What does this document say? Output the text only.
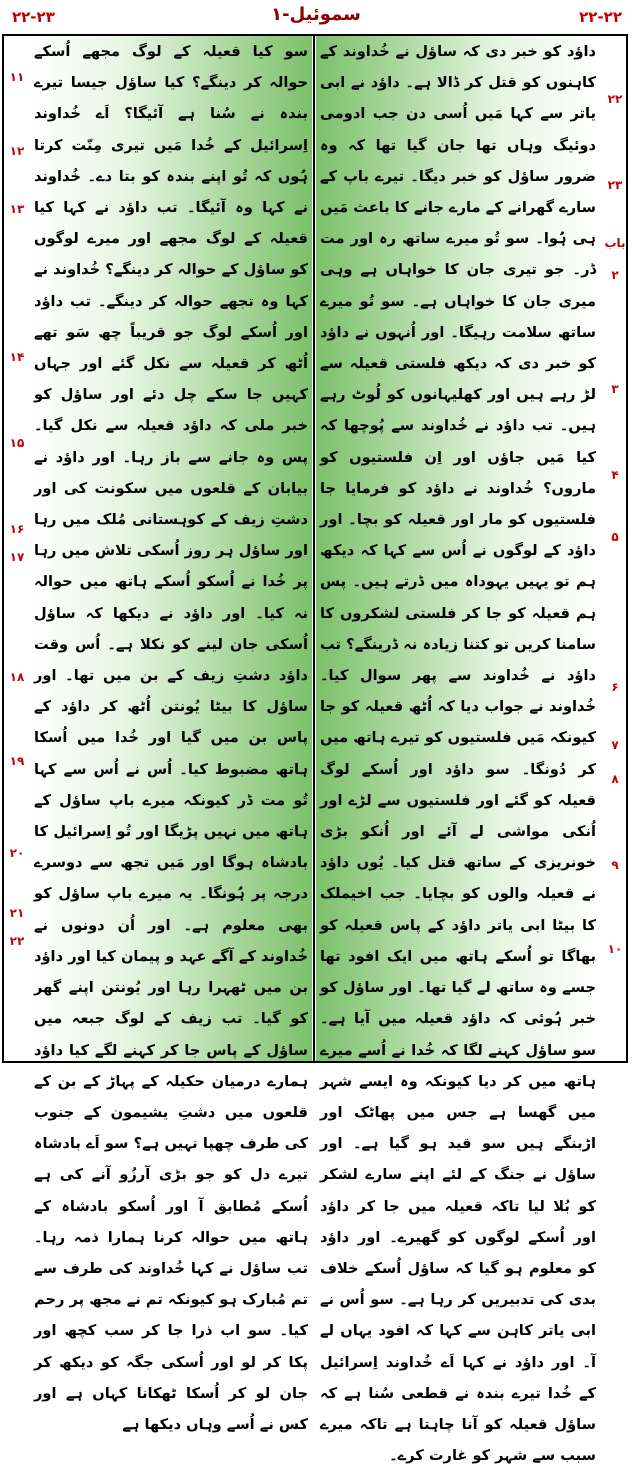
۲۲-۲۳	۱-سموئیل	۲۲-۲۲
۱۱
۱۲
۱۳
۱۴
۱۵
۱۶
۱۷
۱۸
۱۹
۲۰
۲۱
۲۲

سو کیا قعیلہ کے لوگ مجھے اُسکے حوالہ کر دینگے؟ کیا ساؤل جیسا تیرے بندہ نے سُنا ہے آئیگا؟ اَے خُداوند اِسرائیل کے خُدا مَیں تیری مِنّت کرتا ہُوں کہ تُو اپنے بندہ کو بتا دے۔ خُداوند نے کہا وہ آئیگا۔ تب داؤد نے کہا کیا قعیلہ کے لوگ مجھے اور میرے لوگوں کو ساؤل کے حوالہ کر دینگے؟ خُداوند نے کہا وہ تجھے حوالہ کر دینگے۔ تب داؤد اور اُسکے لوگ جو قریباً چھ سَو تھے اُٹھ کر قعیلہ سے نکل گئے اور جہاں کہیں جا سکے چل دئے اور ساؤل کو خبر ملی کہ داؤد قعیلہ سے نکل گیا۔ پس وہ جانے سے باز رہا۔ اور داؤد نے بیابان کے قلعوں میں سکونت کی اور دشتِ زیف کے کوہستانی مُلک میں رہا اور ساؤل ہر روز اُسکی تلاش میں رہا پر خُدا نے اُسکو اُسکے ہاتھ میں حوالہ نہ کیا۔ اور داؤد نے دیکھا کہ ساؤل اُسکی جان لینے کو نکلا ہے۔ اُس وقت داؤد دشتِ زیف کے بن میں تھا۔ اور ساؤل کا بیٹا یُونتن اُٹھ کر داؤد کے پاس بن میں گیا اور خُدا میں اُسکا ہاتھ مضبوط کیا۔ اُس نے اُس سے کہا تُو مت ڈر کیونکہ میرے باپ ساؤل کے ہاتھ میں نہیں پڑیگا اور تُو اِسرائیل کا بادشاہ ہوگا اور مَیں تجھ سے دوسرے درجہ پر ہُونگا۔ یہ میرے باپ ساؤل کو بھی معلوم ہے۔ اور اُن دونوں نے خُداوند کے آگے عہد و پیمان کیا اور داؤد بن میں ٹھہرا رہا اور یُونتن اپنے گھر کو گیا۔ تب زیف کے لوگ جبعہ میں ساؤل کے پاس جا کر کہنے لگے کیا داؤد ہمارے درمیان حکیلہ کے پہاڑ کے بن کے قلعوں میں دشتِ یشیمون کے جنوب کی طرف چھپا نہیں ہے؟ سو اَے بادشاہ تیرے دل کو جو بڑی آرزُو آنے کی ہے اُسکے مُطابق آ اور اُسکو بادشاہ کے ہاتھ میں حوالہ کرنا ہمارا ذمہ رہا۔ تب ساؤل نے کہا خُداوند کی طرف سے تم مُبارک ہو کیونکہ تم نے مجھ پر رحم کیا۔ سو اب ذرا جا کر سب کچھ اور پکا کر لو اور اُسکی جگہ کو دیکھ کر جان لو کر اُسکا ٹھکانا کہاں ہے اور کس نے اُسے وہاں دیکھا ہے

داؤد کو خبر دی کہ ساؤل نے خُداوند کے کاہنوں کو قتل کر ڈالا ہے۔ داؤد نے ابی یاتر سے کہا مَیں اُسی دن جب ادومی دوئیگ وہاں تھا جان گیا تھا کہ وہ ضرور ساؤل کو خبر دیگا۔ تیرے باپ کے سارے گھرانے کے مارے جانے کا باعث مَیں ہی ہُوا۔ سو تُو میرے ساتھ رہ اور مت ڈر۔ جو تیری جان کا خواہاں ہے وہی میری جان کا خواہاں ہے۔ سو تُو میرے ساتھ سلامت رہیگا۔ اور اُنہوں نے داؤد کو خبر دی کہ دیکھ فلستی قعیلہ سے لڑ رہے ہیں اور کھلیہانوں کو لُوٹ رہے ہیں۔ تب داؤد نے خُداوند سے پُوچھا کہ کیا مَیں جاؤں اور اِن فلستیوں کو ماروں؟ خُداوند نے داؤد کو فرمایا جا فلستیوں کو مار اور قعیلہ کو بچا۔ اور داؤد کے لوگوں نے اُس سے کہا کہ دیکھ ہم تو یہیں یہوداہ میں ڈرتے ہیں۔ پس ہم قعیلہ کو جا کر فلستی لشکروں کا سامنا کریں تو کتنا زیادہ نہ ڈرینگے؟ تب داؤد نے خُداوند سے پھر سوال کیا۔ خُداوند نے جواب دیا کہ اُٹھ قعیلہ کو جا کیونکہ مَیں فلستیوں کو تیرے ہاتھ میں کر دُونگا۔ سو داؤد اور اُسکے لوگ قعیلہ کو گئے اور فلستیوں سے لڑے اور اُنکی مواشی لے آئے اور اُنکو بڑی خونریزی کے ساتھ قتل کیا۔ یُوں داؤد نے قعیلہ والوں کو بچایا۔ جب اخیملک کا بیٹا ابی یاتر داؤد کے پاس قعیلہ کو بھاگا تو اُسکے ہاتھ میں ایک افود تھا جسے وہ ساتھ لے گیا تھا۔ اور ساؤل کو خبر ہُوئی کہ داؤد قعیلہ میں آیا ہے۔ سو ساؤل کہنے لگا کہ خُدا نے اُسے میرے ہاتھ میں کر دیا کیونکہ وہ ایسے شہر میں گھسا ہے جس میں پھاٹک اور اڑبنگے ہیں سو قید ہو گیا ہے۔ اور ساؤل نے جنگ کے لئے اپنے سارے لشکر کو بُلا لیا تاکہ قعیلہ میں جا کر داؤد اور اُسکے لوگوں کو گھیرے۔ اور داؤد کو معلوم ہو گیا کہ ساؤل اُسکے خلاف بدی کی تدبیریں کر رہا ہے۔ سو اُس نے ابی یاتر کاہن سے کہا کہ افود یہاں لے آ۔ اور داؤد نے کہا اَے خُداوند اِسرائیل کے خُدا تیرے بندہ نے قطعی سُنا ہے کہ ساؤل قعیلہ کو آنا چاہتا ہے تاکہ میرے سبب سے شہر کو غارت کرے۔

۲۲
۲۳
باب
۲
۳
۴
۵
۶
۷
۸
۹
۱۰
